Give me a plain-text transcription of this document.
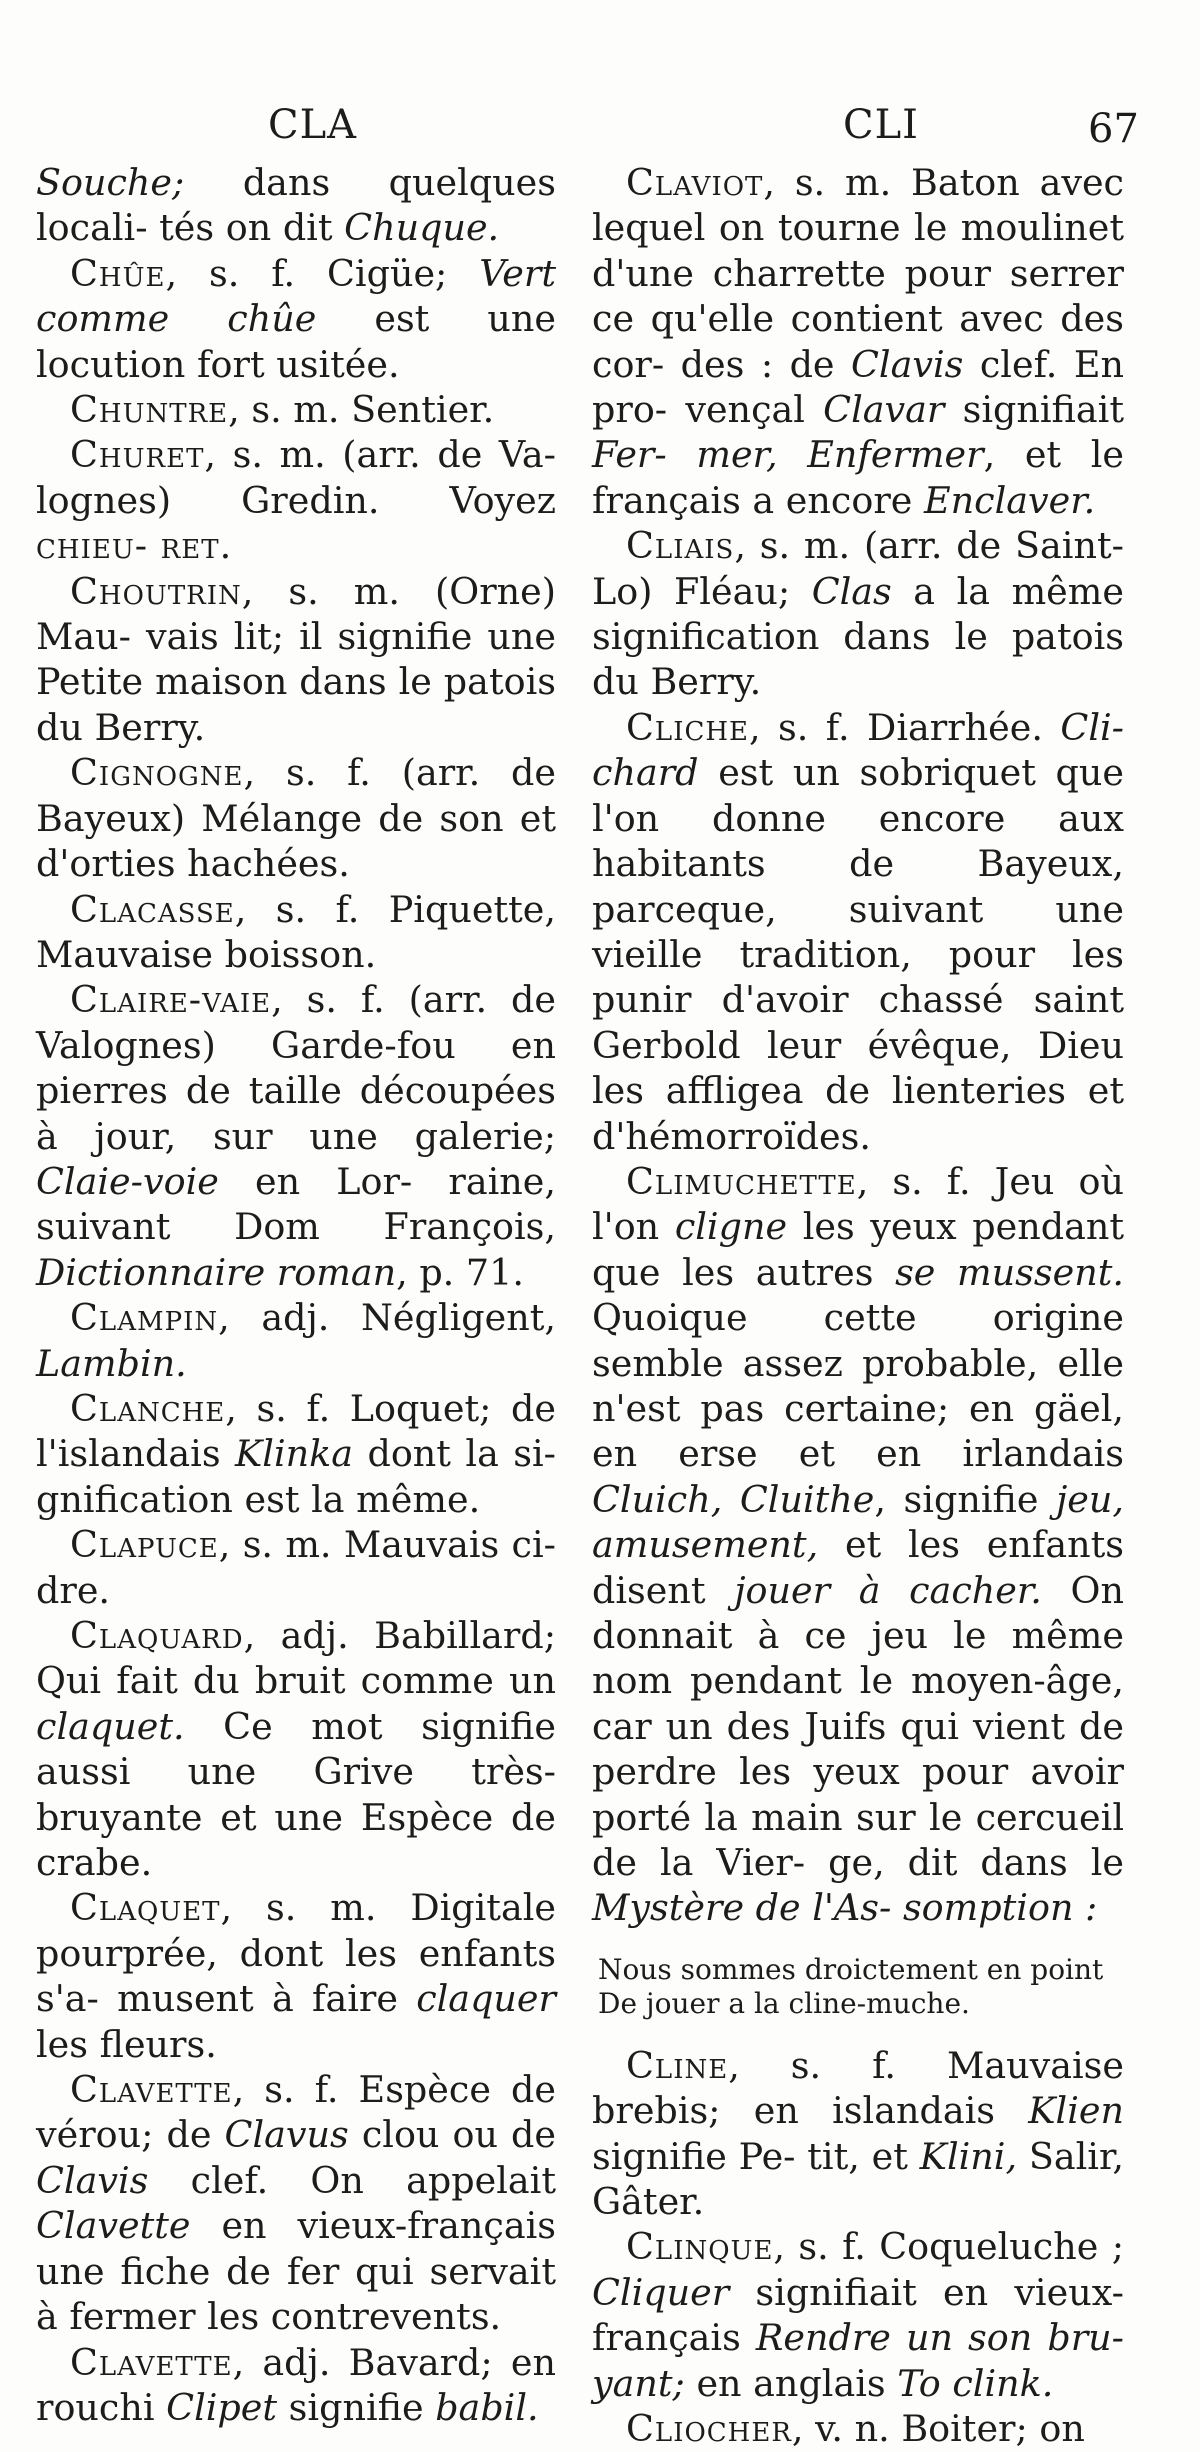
CLA	CLI	67

Souche; dans quelques locali- tés on dit Chuque.

Chûe, s. f. Cigüe; Vert comme chûe est une locution fort usitée.

Chuntre, s. m. Sentier.

Churet, s. m. (arr. de Va- lognes) Gredin. Voyez chieu- ret.

Choutrin, s. m. (Orne) Mau- vais lit; il signifie une Petite maison dans le patois du Berry.

Cignogne, s. f. (arr. de Bayeux) Mélange de son et d'orties hachées.

Clacasse, s. f. Piquette, Mauvaise boisson.

Claire-vaie, s. f. (arr. de Valognes) Garde-fou en pierres de taille découpées à jour, sur une galerie; Claie-voie en Lor- raine, suivant Dom François, Dictionnaire roman, p. 71.

Clampin, adj. Négligent, Lambin.

Clanche, s. f. Loquet; de l'islandais Klinka dont la si- gnification est la même.

Clapuce, s. m. Mauvais ci- dre.

Claquard, adj. Babillard; Qui fait du bruit comme un claquet. Ce mot signifie aussi une Grive très-bruyante et une Espèce de crabe.

Claquet, s. m. Digitale pourprée, dont les enfants s'a- musent à faire claquer les fleurs.

Clavette, s. f. Espèce de vérou; de Clavus clou ou de Clavis clef. On appelait Clavette en vieux-français une fiche de fer qui servait à fermer les contrevents.

Clavette, adj. Bavard; en rouchi Clipet signifie babil.

Claviot, s. m. Baton avec lequel on tourne le moulinet d'une charrette pour serrer ce qu'elle contient avec des cor- des : de Clavis clef. En pro- vençal Clavar signifiait Fer- mer, Enfermer, et le français a encore Enclaver.

Cliais, s. m. (arr. de Saint- Lo) Fléau; Clas a la même signification dans le patois du Berry.

Cliche, s. f. Diarrhée. Cli- chard est un sobriquet que l'on donne encore aux habitants de Bayeux, parceque, suivant une vieille tradition, pour les punir d'avoir chassé saint Gerbold leur évêque, Dieu les affligea de lienteries et d'hémorroïdes.

Climuchette, s. f. Jeu où l'on cligne les yeux pendant que les autres se mussent. Quoique cette origine semble assez probable, elle n'est pas certaine; en gäel, en erse et en irlandais Cluich, Cluithe, signifie jeu, amusement, et les enfants disent jouer à cacher. On donnait à ce jeu le même nom pendant le moyen-âge, car un des Juifs qui vient de perdre les yeux pour avoir porté la main sur le cercueil de la Vier- ge, dit dans le Mystère de l'As- somption :

Nous sommes droictement en point
De jouer a la cline-muche.

Cline, s. f. Mauvaise brebis; en islandais Klien signifie Pe- tit, et Klini, Salir, Gâter.

Clinque, s. f. Coqueluche ; Cliquer signifiait en vieux- français Rendre un son bru- yant; en anglais To clink.

Cliocher, v. n. Boiter; on
